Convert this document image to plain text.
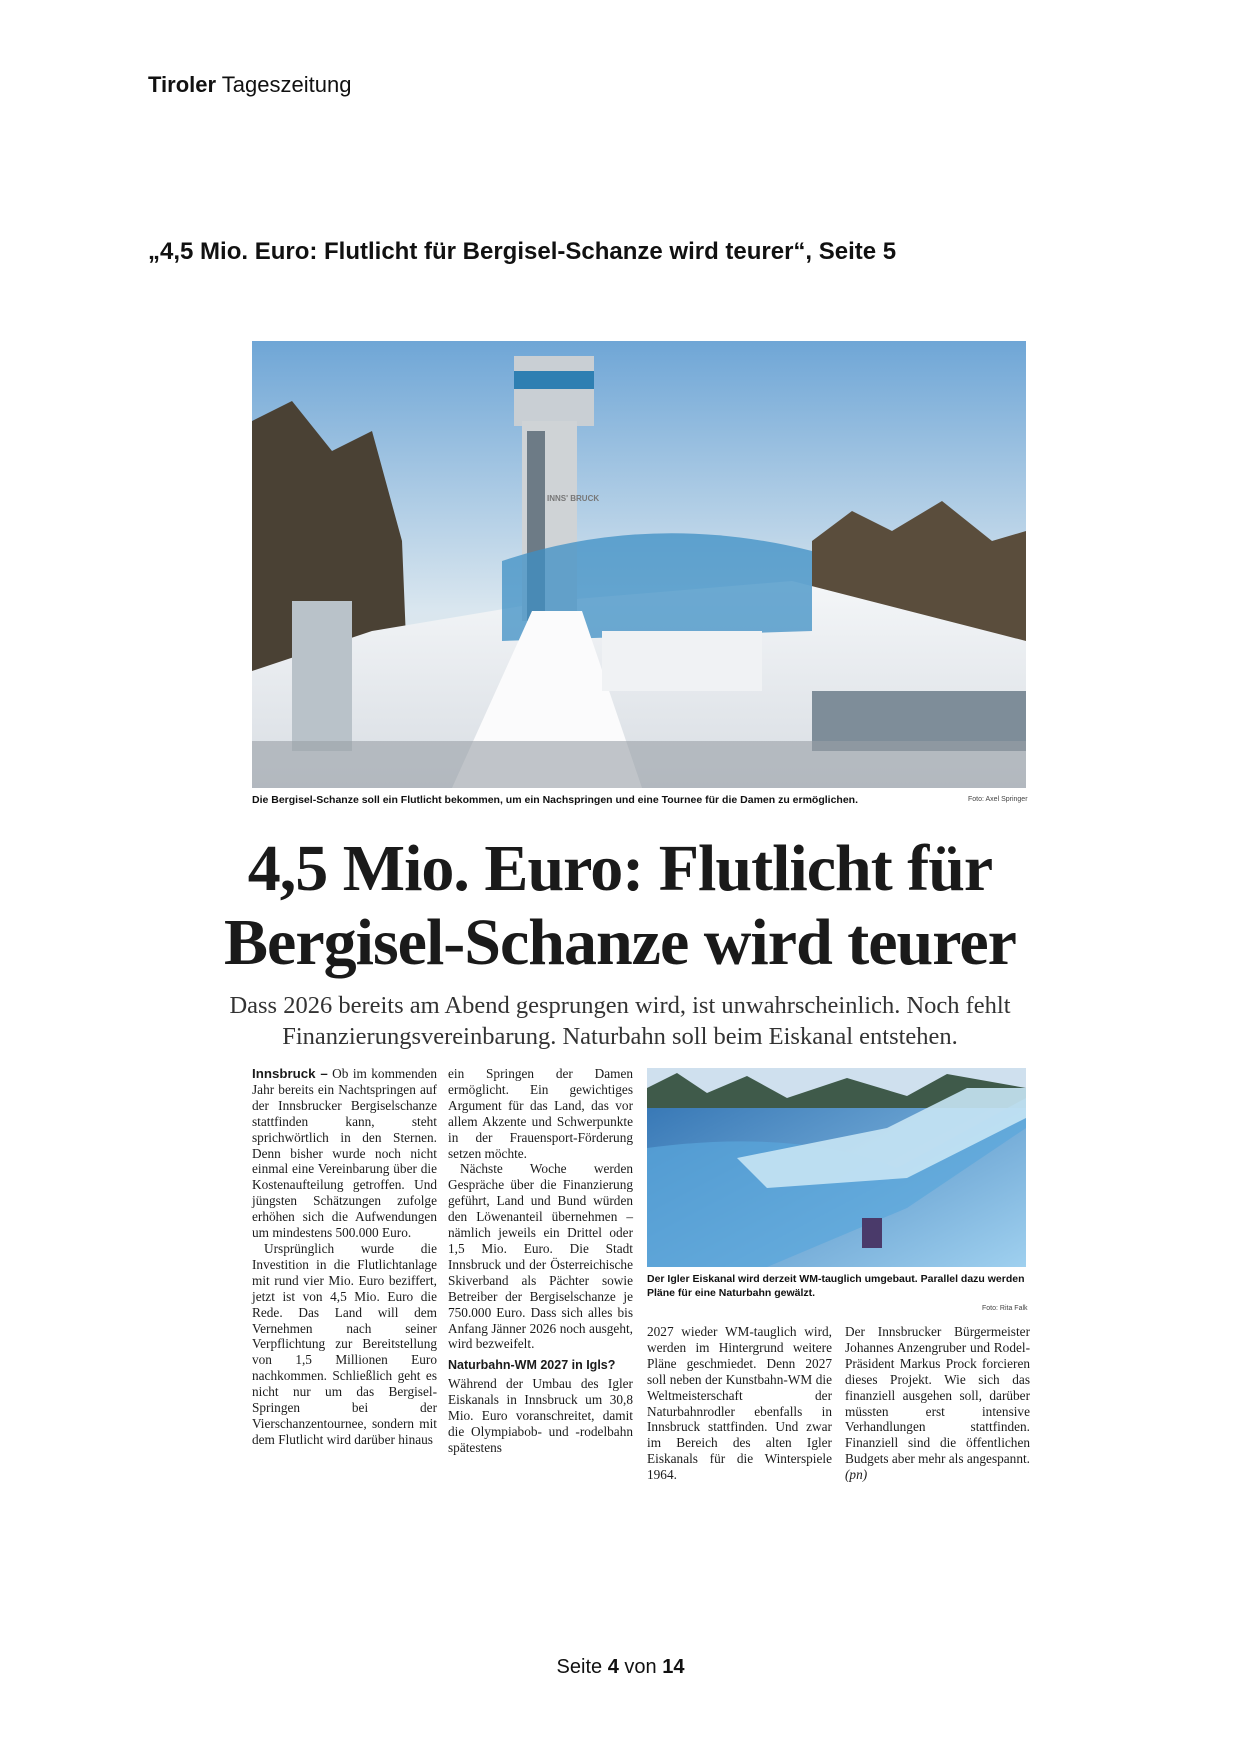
Tiroler Tageszeitung
„4,5 Mio. Euro: Flutlicht für Bergisel-Schanze wird teurer“, Seite 5
INNS' BRUCK
Die Bergisel-Schanze soll ein Flutlicht bekommen, um ein Nachspringen und eine Tournee für die Damen zu ermöglichen.	Foto: Axel Springer
4,5 Mio. Euro: Flutlicht für
Bergisel-Schanze wird teurer
Dass 2026 bereits am Abend gesprungen wird, ist unwahrscheinlich. Noch fehlt Finanzierungsvereinbarung. Naturbahn soll beim Eiskanal entstehen.

Innsbruck – Ob im kommenden Jahr bereits ein Nachtspringen auf der Innsbrucker Bergiselschanze stattfinden kann, steht sprichwörtlich in den Sternen. Denn bisher wurde noch nicht einmal eine Vereinbarung über die Kostenaufteilung getroffen. Und jüngsten Schätzungen zufolge erhöhen sich die Aufwendungen um mindestens 500.000 Euro.

Ursprünglich wurde die Investition in die Flutlichtanlage mit rund vier Mio. Euro beziffert, jetzt ist von 4,5 Mio. Euro die Rede. Das Land will dem Vernehmen nach seiner Verpflichtung zur Bereitstellung von 1,5 Millionen Euro nachkommen. Schließlich geht es nicht nur um das Bergisel-Springen bei der Vierschanzentournee, sondern mit dem Flutlicht wird darüber hinaus

ein Springen der Damen ermöglicht. Ein gewichtiges Argument für das Land, das vor allem Akzente und Schwerpunkte in der Frauensport-Förderung setzen möchte.

Nächste Woche werden Gespräche über die Finanzierung geführt, Land und Bund würden den Löwenanteil übernehmen – nämlich jeweils ein Drittel oder 1,5 Mio. Euro. Die Stadt Innsbruck und der Österreichische Skiverband als Pächter sowie Betreiber der Bergiselschanze je 750.000 Euro. Dass sich alles bis Anfang Jänner 2026 noch ausgeht, wird bezweifelt.

Naturbahn-WM 2027 in Igls?

Während der Umbau des Igler Eiskanals in Innsbruck um 30,8 Mio. Euro voranschreitet, damit die Olympiabob- und -rodelbahn spätestens

Der Igler Eiskanal wird derzeit WM-tauglich umgebaut. Parallel dazu werden Pläne für eine Naturbahn gewälzt.
Foto: Rita Falk

2027 wieder WM-tauglich wird, werden im Hintergrund weitere Pläne geschmiedet. Denn 2027 soll neben der Kunstbahn-WM die Weltmeisterschaft der Naturbahnrodler ebenfalls in Innsbruck stattfinden. Und zwar im Bereich des alten Igler Eiskanals für die Winterspiele 1964.

Der Innsbrucker Bürgermeister Johannes Anzengruber und Rodel-Präsident Markus Prock forcieren dieses Projekt. Wie sich das finanziell ausgehen soll, darüber müssten erst intensive Verhandlungen stattfinden. Finanziell sind die öffentlichen Budgets aber mehr als angespannt. (pn)

Seite 4 von 14
